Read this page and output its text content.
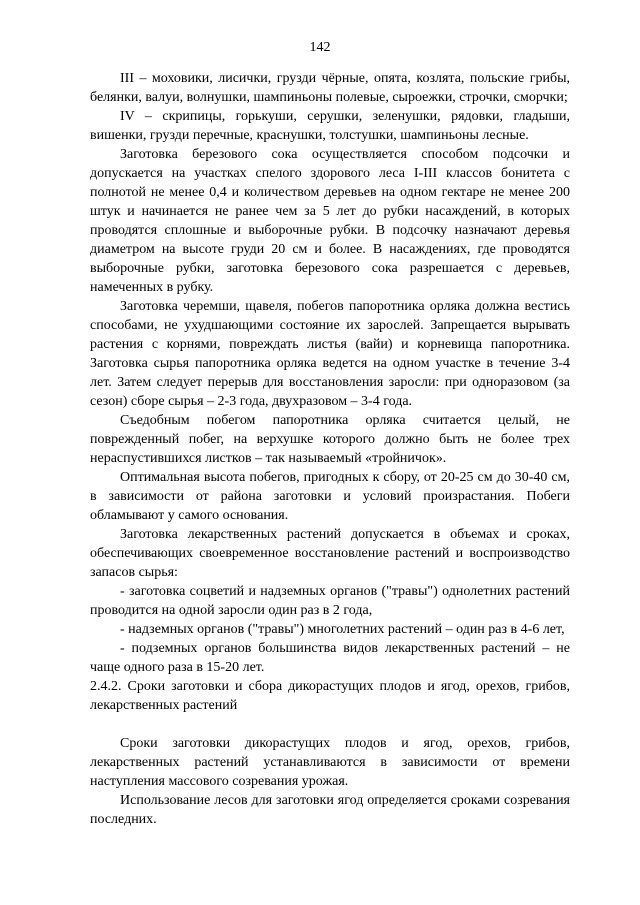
142

III – моховики, лисички, грузди чёрные, опята, козлята, польские грибы, белянки, валуи, волнушки, шампиньоны полевые, сыроежки, строчки, сморчки;

IV – скрипицы, горькуши, серушки, зеленушки, рядовки, гладыши, вишенки, грузди перечные, краснушки, толстушки, шампиньоны лесные.

Заготовка березового сока осуществляется способом подсочки и допускается на участках спелого здорового леса I-III классов бонитета с полнотой не менее 0,4 и количеством деревьев на одном гектаре не менее 200 штук и начинается не ранее чем за 5 лет до рубки насаждений, в которых проводятся сплошные и выборочные рубки. В подсочку назначают деревья диаметром на высоте груди 20 см и более. В насаждениях, где проводятся выборочные рубки, заготовка березового сока разрешается с деревьев, намеченных в рубку.

Заготовка черемши, щавеля, побегов папоротника орляка должна вестись способами, не ухудшающими состояние их зарослей. Запрещается вырывать растения с корнями, повреждать листья (вайи) и корневища папоротника. Заготовка сырья папоротника орляка ведется на одном участке в течение 3-4 лет. Затем следует перерыв для восстановления заросли: при одноразовом (за сезон) сборе сырья – 2-3 года, двухразовом – 3-4 года.

Съедобным побегом папоротника орляка считается целый, не поврежденный побег, на верхушке которого должно быть не более трех нераспустившихся листков – так называемый «тройничок».

Оптимальная высота побегов, пригодных к сбору, от 20-25 см до 30-40 см, в зависимости от района заготовки и условий произрастания. Побеги обламывают у самого основания.

Заготовка лекарственных растений допускается в объемах и сроках, обеспечивающих своевременное восстановление растений и воспроизводство запасов сырья:

- заготовка соцветий и надземных органов ("травы") однолетних растений проводится на одной заросли один раз в 2 года,

- надземных органов ("травы") многолетних растений – один раз в 4-6 лет,

- подземных органов большинства видов лекарственных растений – не чаще одного раза в 15-20 лет.

2.4.2. Сроки заготовки и сбора дикорастущих плодов и ягод, орехов, грибов, лекарственных растений

Сроки заготовки дикорастущих плодов и ягод, орехов, грибов, лекарственных растений устанавливаются в зависимости от времени наступления массового созревания урожая.

Использование лесов для заготовки ягод определяется сроками созревания последних.
